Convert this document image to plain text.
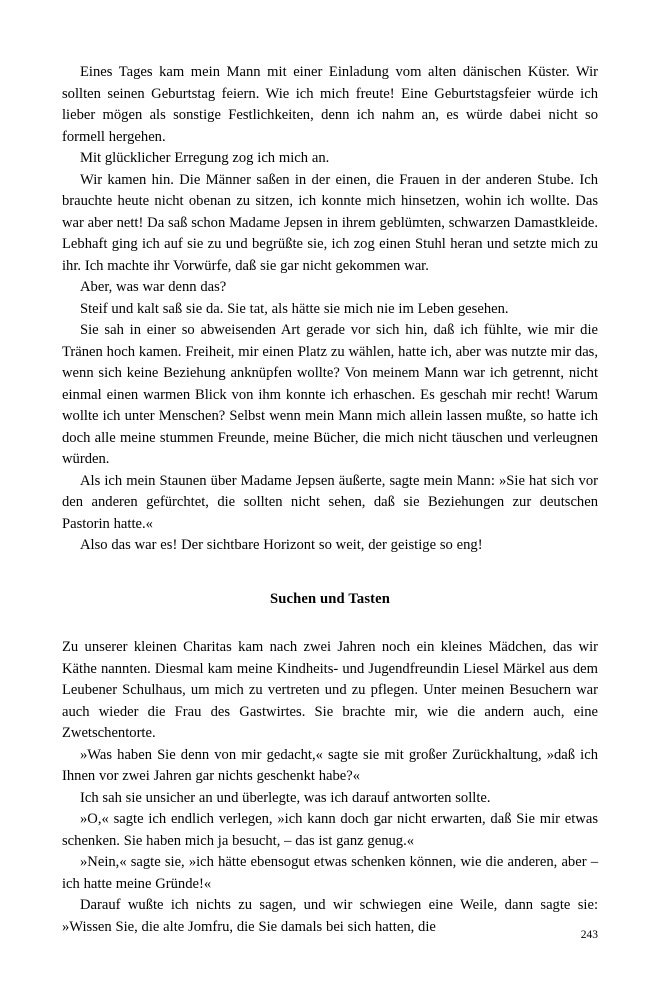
Eines Tages kam mein Mann mit einer Einladung vom alten dänischen Küster. Wir sollten seinen Geburtstag feiern. Wie ich mich freute! Eine Geburtstagsfeier würde ich lieber mögen als sonstige Festlichkeiten, denn ich nahm an, es würde dabei nicht so formell hergehen.

Mit glücklicher Erregung zog ich mich an.

Wir kamen hin. Die Männer saßen in der einen, die Frauen in der anderen Stube. Ich brauchte heute nicht obenan zu sitzen, ich konnte mich hinsetzen, wohin ich wollte. Das war aber nett! Da saß schon Madame Jepsen in ihrem geblümten, schwarzen Damastkleide. Lebhaft ging ich auf sie zu und begrüßte sie, ich zog einen Stuhl heran und setzte mich zu ihr. Ich machte ihr Vorwürfe, daß sie gar nicht gekommen war.

Aber, was war denn das?

Steif und kalt saß sie da. Sie tat, als hätte sie mich nie im Leben gesehen.

Sie sah in einer so abweisenden Art gerade vor sich hin, daß ich fühlte, wie mir die Tränen hoch kamen. Freiheit, mir einen Platz zu wählen, hatte ich, aber was nutzte mir das, wenn sich keine Beziehung anknüpfen wollte? Von meinem Mann war ich getrennt, nicht einmal einen warmen Blick von ihm konnte ich erhaschen. Es geschah mir recht! Warum wollte ich unter Menschen? Selbst wenn mein Mann mich allein lassen mußte, so hatte ich doch alle meine stummen Freunde, meine Bücher, die mich nicht täuschen und verleugnen würden.

Als ich mein Staunen über Madame Jepsen äußerte, sagte mein Mann: »Sie hat sich vor den anderen gefürchtet, die sollten nicht sehen, daß sie Beziehungen zur deutschen Pastorin hatte.«

Also das war es! Der sichtbare Horizont so weit, der geistige so eng!

Suchen und Tasten

Zu unserer kleinen Charitas kam nach zwei Jahren noch ein kleines Mädchen, das wir Käthe nannten. Diesmal kam meine Kindheits- und Jugendfreundin Liesel Märkel aus dem Leubener Schulhaus, um mich zu vertreten und zu pflegen. Unter meinen Besuchern war auch wieder die Frau des Gastwirtes. Sie brachte mir, wie die andern auch, eine Zwetschentorte.

»Was haben Sie denn von mir gedacht,« sagte sie mit großer Zurückhaltung, »daß ich Ihnen vor zwei Jahren gar nichts geschenkt habe?«

Ich sah sie unsicher an und überlegte, was ich darauf antworten sollte.

»O,« sagte ich endlich verlegen, »ich kann doch gar nicht erwarten, daß Sie mir etwas schenken. Sie haben mich ja besucht, – das ist ganz genug.«

»Nein,« sagte sie, »ich hätte ebensogut etwas schenken können, wie die anderen, aber – ich hatte meine Gründe!«

Darauf wußte ich nichts zu sagen, und wir schwiegen eine Weile, dann sagte sie: »Wissen Sie, die alte Jomfru, die Sie damals bei sich hatten, die

243
